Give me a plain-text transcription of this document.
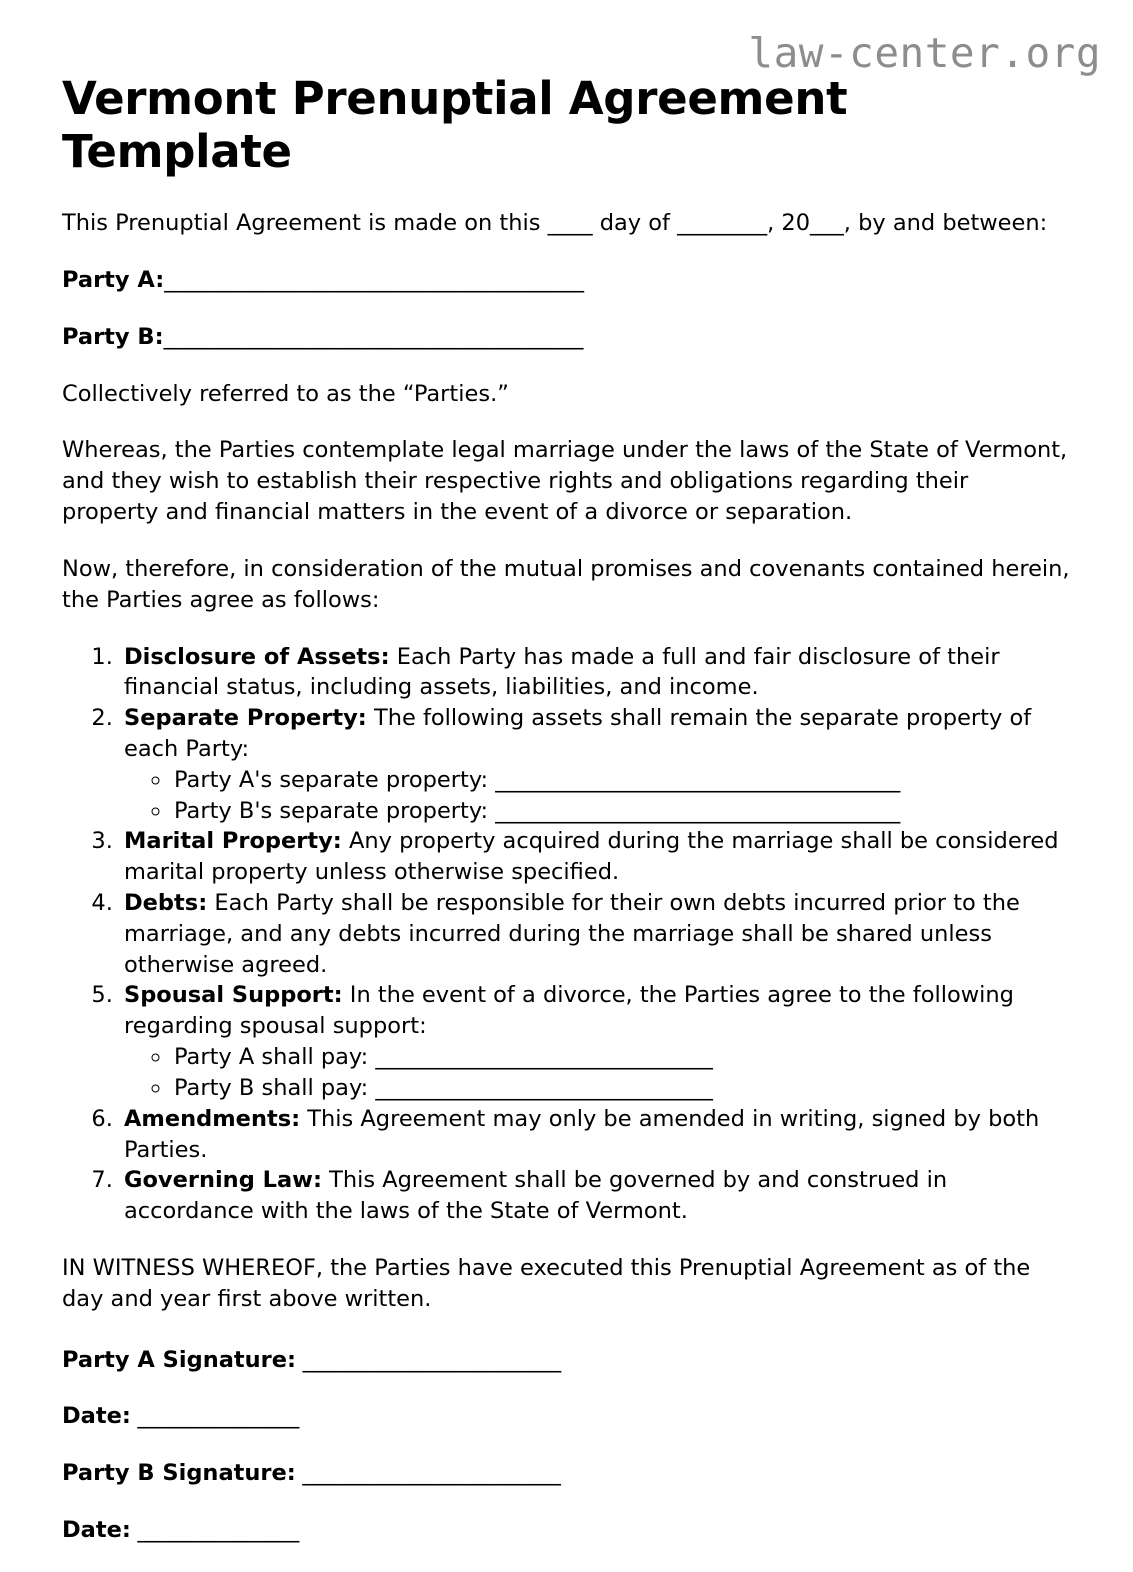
law-center.org
Vermont Prenuptial Agreement Template

This Prenuptial Agreement is made on this ____ day of ________, 20___, by and between:

Party A:_______________________________________

Party B:_______________________________________

Collectively referred to as the “Parties.”

Whereas, the Parties contemplate legal marriage under the laws of the State of Vermont, and they wish to establish their respective rights and obligations regarding their property and financial matters in the event of a divorce or separation.

Now, therefore, in consideration of the mutual promises and covenants contained herein, the Parties agree as follows:

1. Disclosure of Assets: Each Party has made a full and fair disclosure of their financial status, including assets, liabilities, and income.
2. Separate Property: The following assets shall remain the separate property of each Party:
◦ Party A's separate property: ____________________________________
◦ Party B's separate property: ____________________________________
3. Marital Property: Any property acquired during the marriage shall be considered marital property unless otherwise specified.
4. Debts: Each Party shall be responsible for their own debts incurred prior to the marriage, and any debts incurred during the marriage shall be shared unless otherwise agreed.
5. Spousal Support: In the event of a divorce, the Parties agree to the following regarding spousal support:
◦ Party A shall pay: ______________________________
◦ Party B shall pay: ______________________________
6. Amendments: This Agreement may only be amended in writing, signed by both Parties.
7. Governing Law: This Agreement shall be governed by and construed in accordance with the laws of the State of Vermont.

IN WITNESS WHEREOF, the Parties have executed this Prenuptial Agreement as of the day and year first above written.

Party A Signature: ________________________

Date: _______________

Party B Signature: ________________________

Date: _______________
